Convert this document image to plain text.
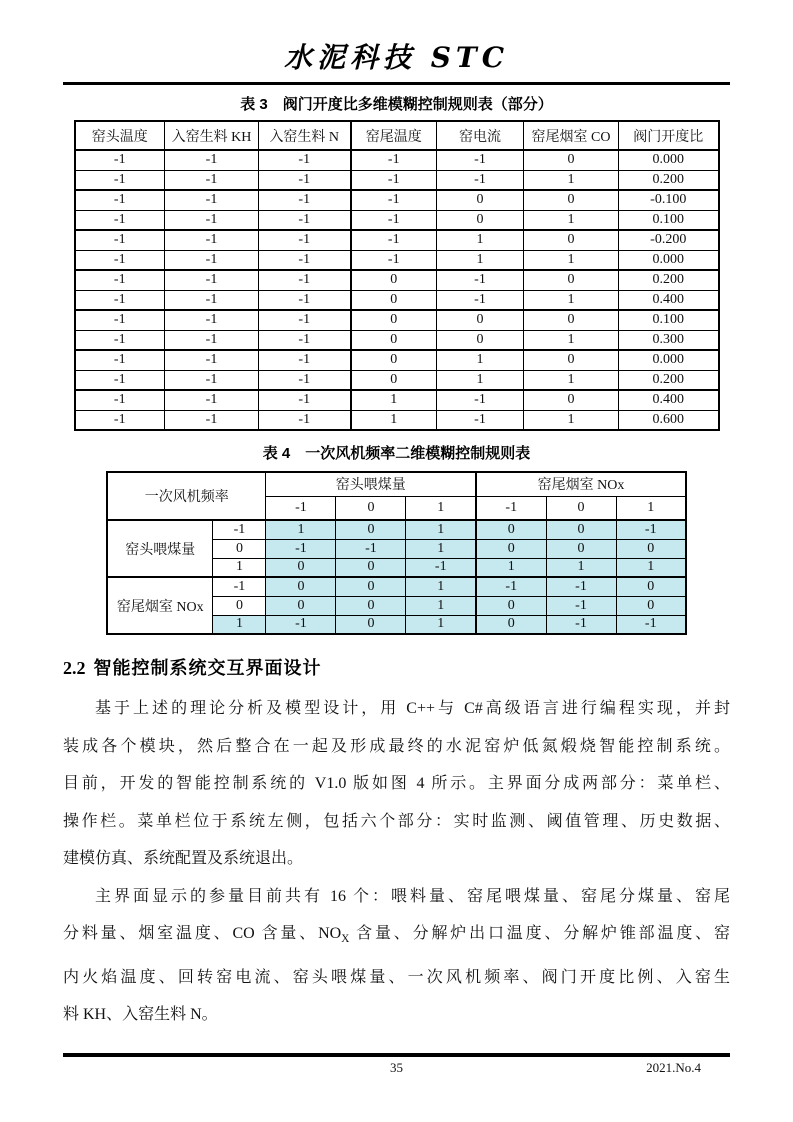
水泥科技 STC
表 3　阀门开度比多维模糊控制规则表（部分）
窑头温度	入窑生料 KH	入窑生料 N	窑尾温度	窑电流	窑尾烟室 CO	阀门开度比
-1	-1	-1	-1	-1	0	0.000
-1	-1	-1	-1	-1	1	0.200
-1	-1	-1	-1	0	0	-0.100
-1	-1	-1	-1	0	1	0.100
-1	-1	-1	-1	1	0	-0.200
-1	-1	-1	-1	1	1	0.000
-1	-1	-1	0	-1	0	0.200
-1	-1	-1	0	-1	1	0.400
-1	-1	-1	0	0	0	0.100
-1	-1	-1	0	0	1	0.300
-1	-1	-1	0	1	0	0.000
-1	-1	-1	0	1	1	0.200
-1	-1	-1	1	-1	0	0.400
-1	-1	-1	1	-1	1	0.600
表 4　一次风机频率二维模糊控制规则表
一次风机频率		窑头喂煤量			窑尾烟室 NOx		
		-1	0	1	-1	0	1
窑头喂煤量	-1	1	0	1	0	0	-1
	0	-1	-1	1	0	0	0
	1	0	0	-1	1	1	1
窑尾烟室 NOx	-1	0	0	1	-1	-1	0
	0	0	0	1	0	-1	0
	1	-1	0	1	0	-1	-1
2.2 智能控制系统交互界面设计
基于上述的理论分析及模型设计，用 C++与 C#高级语言进行编程实现，并封
装成各个模块，然后整合在一起及形成最终的水泥窑炉低氮煅烧智能控制系统。
目前，开发的智能控制系统的 V1.0 版如图 4 所示。主界面分成两部分：菜单栏、
操作栏。菜单栏位于系统左侧，包括六个部分：实时监测、阈值管理、历史数据、
建模仿真、系统配置及系统退出。
主界面显示的参量目前共有 16 个：喂料量、窑尾喂煤量、窑尾分煤量、窑尾
分料量、烟室温度、CO 含量、$NO_X$ 含量、分解炉出口温度、分解炉锥部温度、窑
内火焰温度、回转窑电流、窑头喂煤量、一次风机频率、阀门开度比例、入窑生
料 KH、入窑生料 N。
35	2021.No.4
